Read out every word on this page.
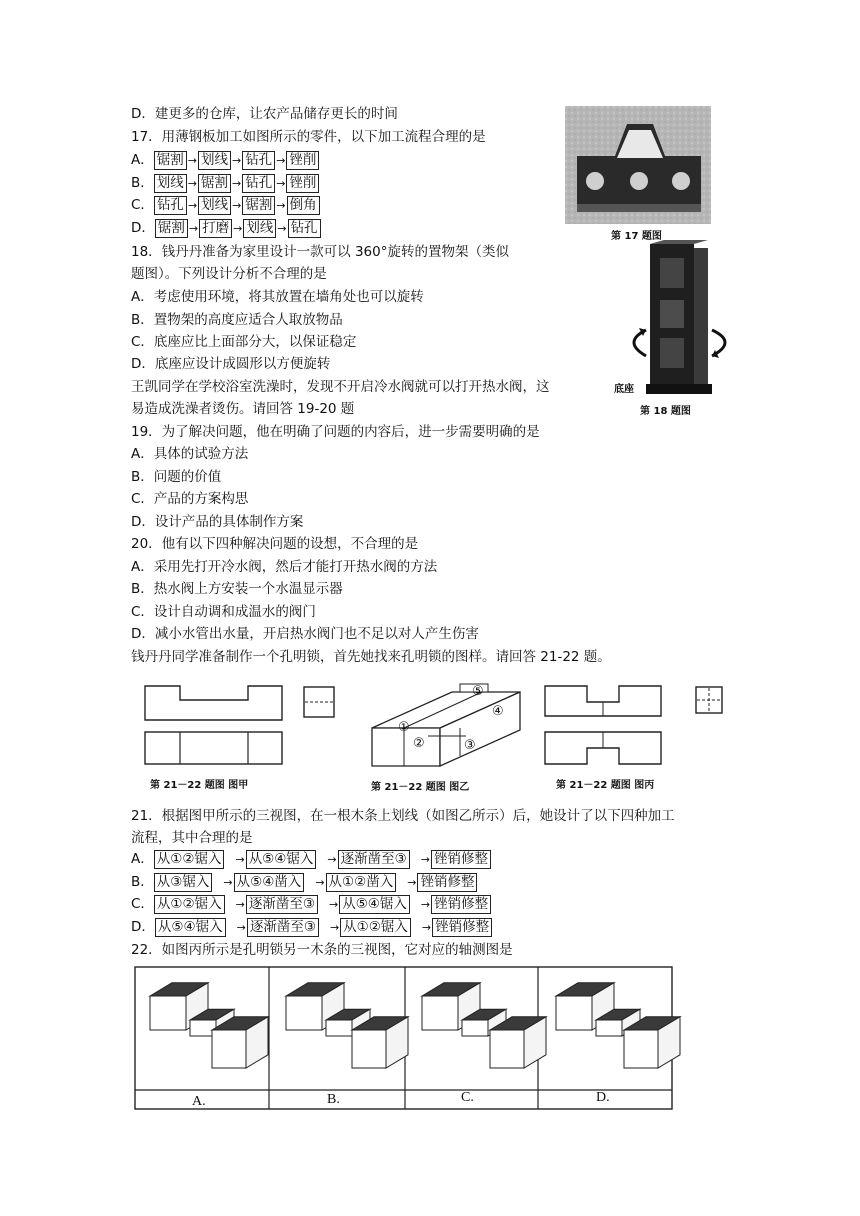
D．建更多的仓库，让农产品储存更长的时间
17．用薄钢板加工如图所示的零件，以下加工流程合理的是
A． 锯割 → 划线 → 钻孔 → 锉削
B． 划线 → 锯割 → 钻孔 → 锉削
C． 钻孔 → 划线 → 锯割 → 倒角
D． 锯割 → 打磨 → 划线 → 钻孔
18．钱丹丹准备为家里设计一款可以 360°旋转的置物架（类似
题图）。下列设计分析不合理的是
A．考虑使用环境，将其放置在墙角处也可以旋转
B．置物架的高度应适合人取放物品
C．底座应比上面部分大，以保证稳定
D．底座应设计成圆形以方便旋转
王凯同学在学校浴室洗澡时，发现不开启冷水阀就可以打开热水阀，这
易造成洗澡者烫伤。请回答 19-20 题
19．为了解决问题，他在明确了问题的内容后，进一步需要明确的是
A．具体的试验方法
B．问题的价值
C．产品的方案构思
D．设计产品的具体制作方案
20．他有以下四种解决问题的设想，不合理的是
A．采用先打开冷水阀，然后才能打开热水阀的方法
B．热水阀上方安装一个水温显示器
C．设计自动调和成温水的阀门
D．减小水管出水量，开启热水阀门也不足以对人产生伤害
钱丹丹同学准备制作一个孔明锁，首先她找来孔明锁的图样。请回答 21-22 题。
21．根据图甲所示的三视图，在一根木条上划线（如图乙所示）后，她设计了以下四种加工
流程，其中合理的是
A． 从①②锯入 → 从⑤④锯入 → 逐渐凿至③ → 锉销修整
B． 从③锯入 → 从⑤④凿入 → 从①②凿入 → 锉销修整
C． 从①②锯入 → 逐渐凿至③ → 从⑤④锯入 → 锉销修整
D． 从⑤④锯入 → 逐渐凿至③ → 从①②锯入 → 锉销修整
22．如图丙所示是孔明锁另一木条的三视图，它对应的轴测图是
第 17 题图
底座
第 18 题图
第 21－22 题图 图甲
①
②	③
④
⑤
第 21－22 题图 图乙	第 21－22 题图 图丙
A.	B.	C.	D.
